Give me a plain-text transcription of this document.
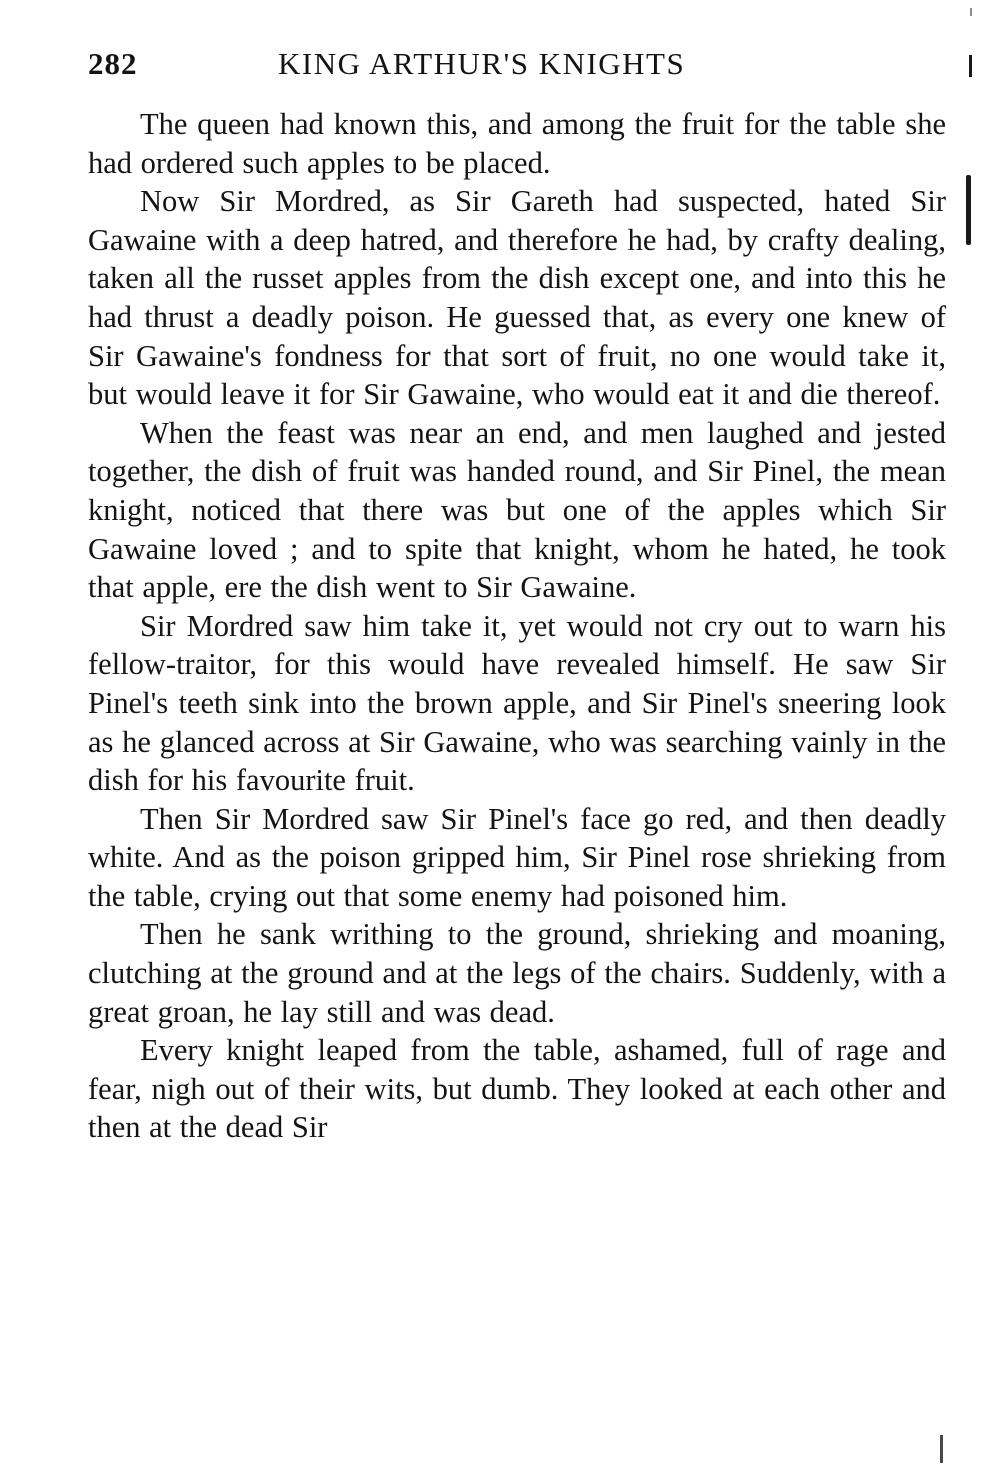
282	KING ARTHUR'S KNIGHTS

The queen had known this, and among the fruit for the table she had ordered such apples to be placed.

Now Sir Mordred, as Sir Gareth had suspected, hated Sir Gawaine with a deep hatred, and therefore he had, by crafty dealing, taken all the russet apples from the dish except one, and into this he had thrust a deadly poison. He guessed that, as every one knew of Sir Gawaine's fondness for that sort of fruit, no one would take it, but would leave it for Sir Gawaine, who would eat it and die thereof.

When the feast was near an end, and men laughed and jested together, the dish of fruit was handed round, and Sir Pinel, the mean knight, noticed that there was but one of the apples which Sir Gawaine loved ; and to spite that knight, whom he hated, he took that apple, ere the dish went to Sir Gawaine.

Sir Mordred saw him take it, yet would not cry out to warn his fellow-traitor, for this would have revealed himself. He saw Sir Pinel's teeth sink into the brown apple, and Sir Pinel's sneering look as he glanced across at Sir Gawaine, who was searching vainly in the dish for his favourite fruit.

Then Sir Mordred saw Sir Pinel's face go red, and then deadly white. And as the poison gripped him, Sir Pinel rose shrieking from the table, crying out that some enemy had poisoned him.

Then he sank writhing to the ground, shrieking and moaning, clutching at the ground and at the legs of the chairs. Suddenly, with a great groan, he lay still and was dead.

Every knight leaped from the table, ashamed, full of rage and fear, nigh out of their wits, but dumb. They looked at each other and then at the dead Sir
